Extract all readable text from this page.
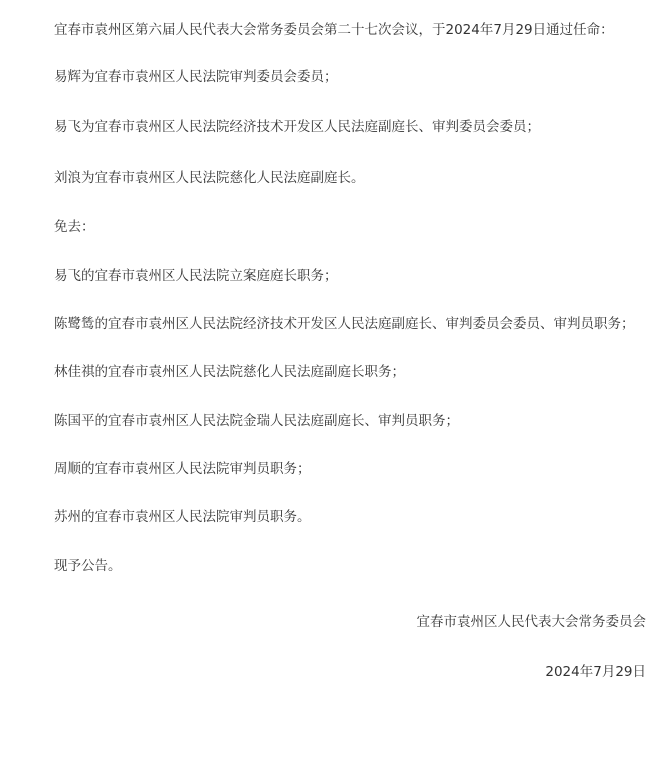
宜春市袁州区第六届人民代表大会常务委员会第二十七次会议，于2024年7月29日通过任命：

易辉为宜春市袁州区人民法院审判委员会委员；

易飞为宜春市袁州区人民法院经济技术开发区人民法庭副庭长、审判委员会委员；

刘浪为宜春市袁州区人民法院慈化人民法庭副庭长。

免去：

易飞的宜春市袁州区人民法院立案庭庭长职务；

陈鹭鸶的宜春市袁州区人民法院经济技术开发区人民法庭副庭长、审判委员会委员、审判员职务；

林佳祺的宜春市袁州区人民法院慈化人民法庭副庭长职务；

陈国平的宜春市袁州区人民法院金瑞人民法庭副庭长、审判员职务；

周顺的宜春市袁州区人民法院审判员职务；

苏州的宜春市袁州区人民法院审判员职务。

现予公告。

宜春市袁州区人民代表大会常务委员会

2024年7月29日
